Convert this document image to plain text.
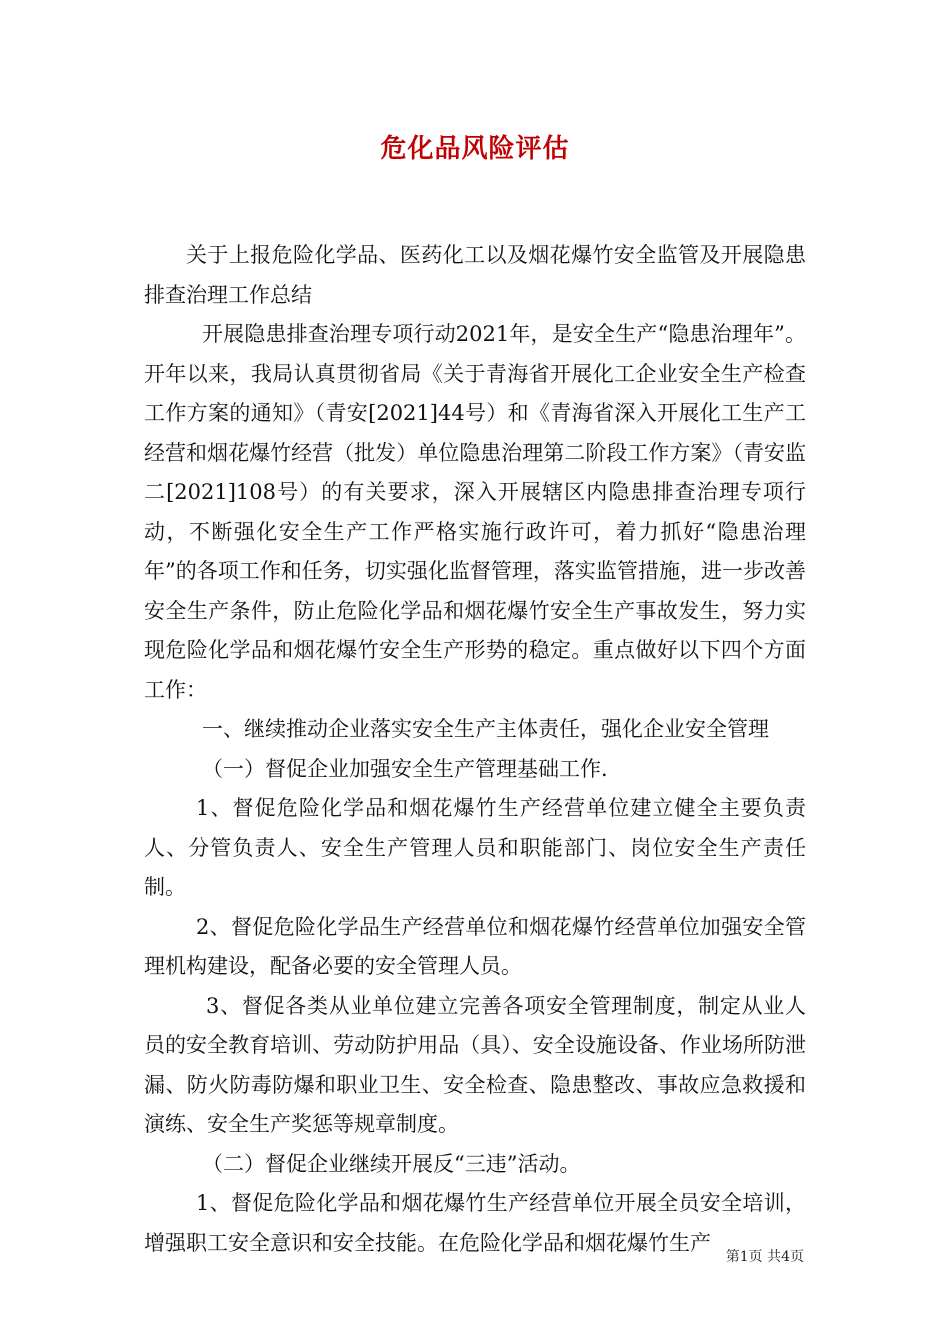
危化品风险评估

关于上报危险化学品、医药化工以及烟花爆竹安全监管及开展隐患排查治理工作总结

开展隐患排查治理专项行动2021年，是安全生产“隐患治理年”。开年以来，我局认真贯彻省局《关于青海省开展化工企业安全生产检查工作方案的通知》（青安[2021]44号）和《青海省深入开展化工生产工经营和烟花爆竹经营（批发）单位隐患治理第二阶段工作方案》（青安监二[2021]108号）的有关要求，深入开展辖区内隐患排查治理专项行动，不断强化安全生产工作严格实施行政许可，着力抓好“隐患治理年”的各项工作和任务，切实强化监督管理，落实监管措施，进一步改善安全生产条件，防止危险化学品和烟花爆竹安全生产事故发生，努力实现危险化学品和烟花爆竹安全生产形势的稳定。重点做好以下四个方面工作：

一、继续推动企业落实安全生产主体责任，强化企业安全管理

（一）督促企业加强安全生产管理基础工作.

1、督促危险化学品和烟花爆竹生产经营单位建立健全主要负责人、分管负责人、安全生产管理人员和职能部门、岗位安全生产责任制。

2、督促危险化学品生产经营单位和烟花爆竹经营单位加强安全管理机构建设，配备必要的安全管理人员。

3、督促各类从业单位建立完善各项安全管理制度，制定从业人员的安全教育培训、劳动防护用品（具）、安全设施设备、作业场所防泄漏、防火防毒防爆和职业卫生、安全检查、隐患整改、事故应急救援和演练、安全生产奖惩等规章制度。

（二）督促企业继续开展反“三违”活动。

1、督促危险化学品和烟花爆竹生产经营单位开展全员安全培训，增强职工安全意识和安全技能。在危险化学品和烟花爆竹生产

第1页 共4页
